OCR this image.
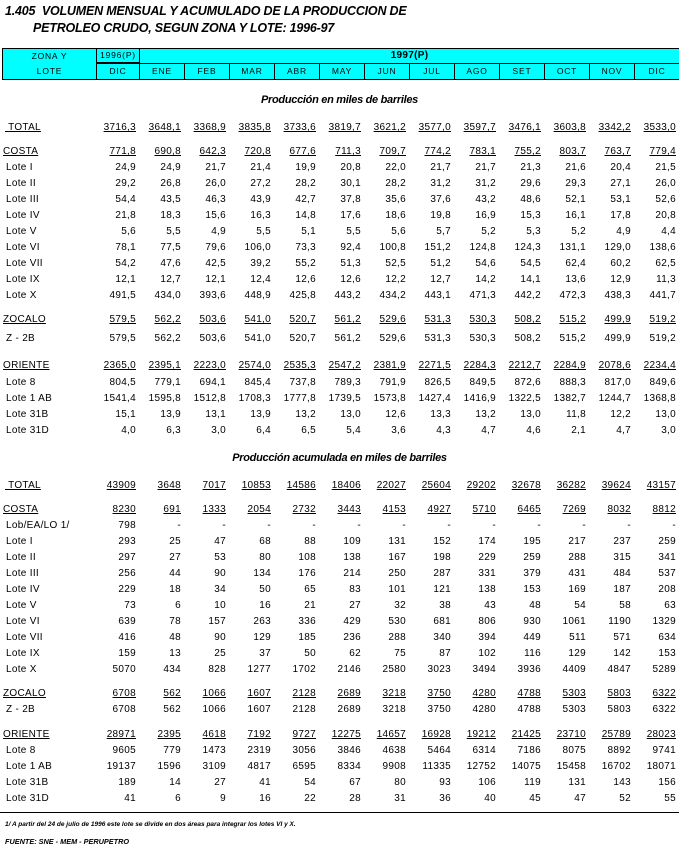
1.405  VOLUMEN MENSUAL Y ACUMULADO DE LA PRODUCCION DE
PETROLEO CRUDO, SEGUN ZONA Y LOTE: 1996-97
ZONA Y	1996(P)	1997(P)											
LOTE	DIC	ENE	FEB	MAR	ABR	MAY	JUN	JUL	AGO	SET	OCT	NOV	DIC
Producción en miles de barriles
TOTAL	3716,3	3648,1	3368,9	3835,8	3733,6	3819,7	3621,2	3577,0	3597,7	3476,1	3603,8	3342,2	3533,0
COSTA	771,8	690,8	642,3	720,8	677,6	711,3	709,7	774,2	783,1	755,2	803,7	763,7	779,4
Lote I	24,9	24,9	21,7	21,4	19,9	20,8	22,0	21,7	21,7	21,3	21,6	20,4	21,5
Lote II	29,2	26,8	26,0	27,2	28,2	30,1	28,2	31,2	31,2	29,6	29,3	27,1	26,0
Lote III	54,4	43,5	46,3	43,9	42,7	37,8	35,6	37,6	43,2	48,6	52,1	53,1	52,6
Lote IV	21,8	18,3	15,6	16,3	14,8	17,6	18,6	19,8	16,9	15,3	16,1	17,8	20,8
Lote V	5,6	5,5	4,9	5,5	5,1	5,5	5,6	5,7	5,2	5,3	5,2	4,9	4,4
Lote VI	78,1	77,5	79,6	106,0	73,3	92,4	100,8	151,2	124,8	124,3	131,1	129,0	138,6
Lote VII	54,2	47,6	42,5	39,2	55,2	51,3	52,5	51,2	54,6	54,5	62,4	60,2	62,5
Lote IX	12,1	12,7	12,1	12,4	12,6	12,6	12,2	12,7	14,2	14,1	13,6	12,9	11,3
Lote X	491,5	434,0	393,6	448,9	425,8	443,2	434,2	443,1	471,3	442,2	472,3	438,3	441,7
ZOCALO	579,5	562,2	503,6	541,0	520,7	561,2	529,6	531,3	530,3	508,2	515,2	499,9	519,2
Z - 2B	579,5	562,2	503,6	541,0	520,7	561,2	529,6	531,3	530,3	508,2	515,2	499,9	519,2
ORIENTE	2365,0	2395,1	2223,0	2574,0	2535,3	2547,2	2381,9	2271,5	2284,3	2212,7	2284,9	2078,6	2234,4
Lote 8	804,5	779,1	694,1	845,4	737,8	789,3	791,9	826,5	849,5	872,6	888,3	817,0	849,6
Lote 1 AB	1541,4	1595,8	1512,8	1708,3	1777,8	1739,5	1573,8	1427,4	1416,9	1322,5	1382,7	1244,7	1368,8
Lote 31B	15,1	13,9	13,1	13,9	13,2	13,0	12,6	13,3	13,2	13,0	11,8	12,2	13,0
Lote 31D	4,0	6,3	3,0	6,4	6,5	5,4	3,6	4,3	4,7	4,6	2,1	4,7	3,0
Producción acumulada en miles de barriles
TOTAL	43909	3648	7017	10853	14586	18406	22027	25604	29202	32678	36282	39624	43157
COSTA	8230	691	1333	2054	2732	3443	4153	4927	5710	6465	7269	8032	8812
Lob/EA/LO 1/	798	-	-	-	-	-	-	-	-	-	-	-	-
Lote I	293	25	47	68	88	109	131	152	174	195	217	237	259
Lote II	297	27	53	80	108	138	167	198	229	259	288	315	341
Lote III	256	44	90	134	176	214	250	287	331	379	431	484	537
Lote IV	229	18	34	50	65	83	101	121	138	153	169	187	208
Lote V	73	6	10	16	21	27	32	38	43	48	54	58	63
Lote VI	639	78	157	263	336	429	530	681	806	930	1061	1190	1329
Lote VII	416	48	90	129	185	236	288	340	394	449	511	571	634
Lote IX	159	13	25	37	50	62	75	87	102	116	129	142	153
Lote X	5070	434	828	1277	1702	2146	2580	3023	3494	3936	4409	4847	5289
ZOCALO	6708	562	1066	1607	2128	2689	3218	3750	4280	4788	5303	5803	6322
Z - 2B	6708	562	1066	1607	2128	2689	3218	3750	4280	4788	5303	5803	6322
ORIENTE	28971	2395	4618	7192	9727	12275	14657	16928	19212	21425	23710	25789	28023
Lote 8	9605	779	1473	2319	3056	3846	4638	5464	6314	7186	8075	8892	9741
Lote 1 AB	19137	1596	3109	4817	6595	8334	9908	11335	12752	14075	15458	16702	18071
Lote 31B	189	14	27	41	54	67	80	93	106	119	131	143	156
Lote 31D	41	6	9	16	22	28	31	36	40	45	47	52	55
1/ A partir del 24 de julio de 1996 este lote se divide en dos áreas para integrar los lotes VI y X.
FUENTE: SNE - MEM - PERUPETRO
